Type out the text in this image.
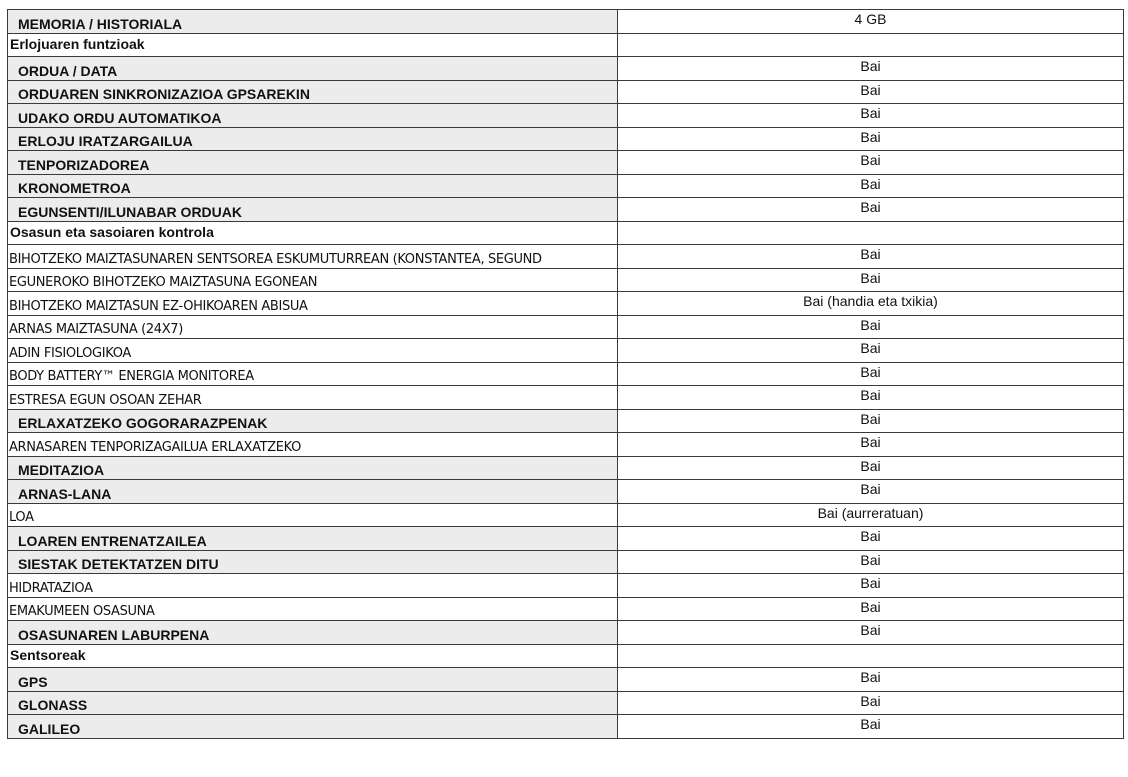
MEMORIA / HISTORIALA	4 GB
Erlojuaren funtzioak	
ORDUA / DATA	Bai
ORDUAREN SINKRONIZAZIOA GPSAREKIN	Bai
UDAKO ORDU AUTOMATIKOA	Bai
ERLOJU IRATZARGAILUA	Bai
TENPORIZADOREA	Bai
KRONOMETROA	Bai
EGUNSENTI/ILUNABAR ORDUAK	Bai
Osasun eta sasoiaren kontrola	
BIHOTZEKO MAIZTASUNAREN SENTSOREA ESKUMUTURREAN (KONSTANTEA, SEGUND	Bai
EGUNEROKO BIHOTZEKO MAIZTASUNA EGONEAN	Bai
BIHOTZEKO MAIZTASUN EZ-OHIKOAREN ABISUA	Bai (handia eta txikia)
ARNAS MAIZTASUNA (24X7)	Bai
ADIN FISIOLOGIKOA	Bai
BODY BATTERY™ ENERGIA MONITOREA	Bai
ESTRESA EGUN OSOAN ZEHAR	Bai
ERLAXATZEKO GOGORARAZPENAK	Bai
ARNASAREN TENPORIZAGAILUA ERLAXATZEKO	Bai
MEDITAZIOA	Bai
ARNAS-LANA	Bai
LOA	Bai (aurreratuan)
LOAREN ENTRENATZAILEA	Bai
SIESTAK DETEKTATZEN DITU	Bai
HIDRATAZIOA	Bai
EMAKUMEEN OSASUNA	Bai
OSASUNAREN LABURPENA	Bai
Sentsoreak	
GPS	Bai
GLONASS	Bai
GALILEO	Bai
